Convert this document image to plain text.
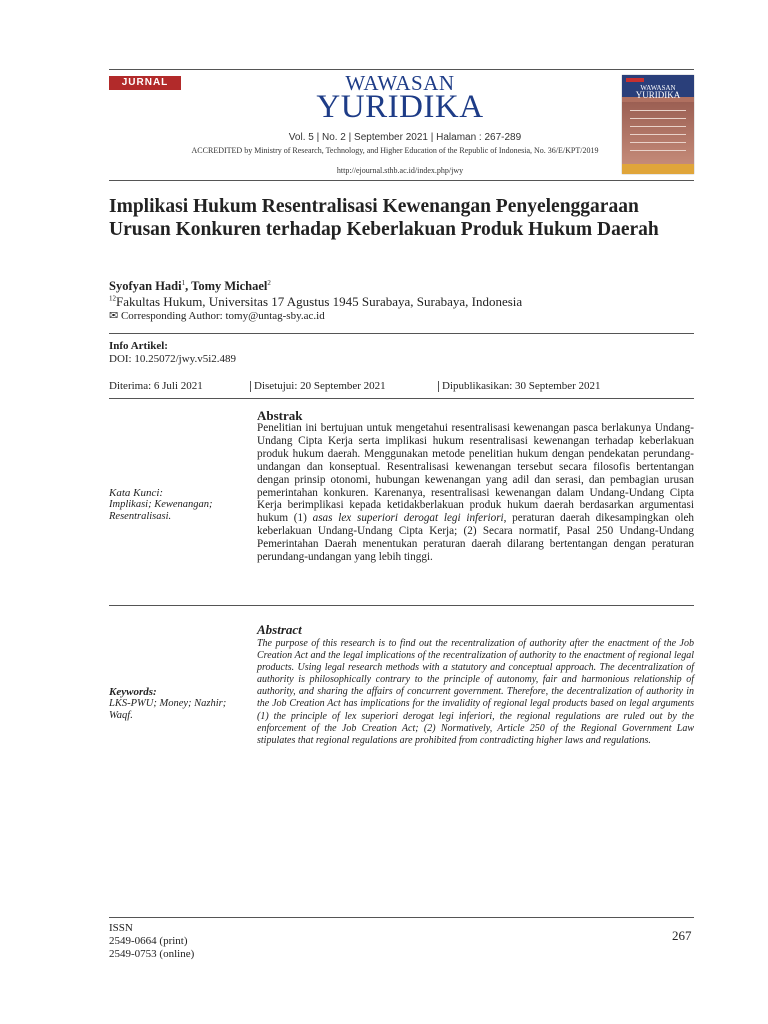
JURNAL	WAWASAN
YURIDIKA
Vol. 5 | No. 2 | September 2021 | Halaman : 267-289
ACCREDITED by Ministry of Research, Technology, and Higher Education of the Republic of Indonesia, No. 36/E/KPT/2019
http://ejournal.sthb.ac.id/index.php/jwy
WAWASAN
YURIDIKA
Implikasi Hukum Resentralisasi Kewenangan Penyelenggaraan Urusan Konkuren terhadap Keberlakuan Produk Hukum Daerah
Syofyan Hadi$^1$, Tomy Michael$^2$
$^{12}$Fakultas Hukum, Universitas 17 Agustus 1945 Surabaya, Surabaya, Indonesia
✉ Corresponding Author: tomy@untag-sby.ac.id
Info Artikel:
DOI: 10.25072/jwy.v5i2.489
Diterima: 6 Juli 2021	Disetujui: 20 September 2021	Dipublikasikan: 30 September 2021
Abstrak
Penelitian ini bertujuan untuk mengetahui resentralisasi kewenangan pasca berlakunya Undang-Undang Cipta Kerja serta implikasi hukum resentralisasi kewenangan terhadap keberlakuan produk hukum daerah. Menggunakan metode penelitian hukum dengan pendekatan perundang-undangan dan konseptual. Resentralisasi kewenangan tersebut secara filosofis bertentangan dengan prinsip otonomi, hubungan kewenangan yang adil dan serasi, dan pembagian urusan pemerintahan konkuren. Karenanya, resentralisasi kewenangan dalam Undang-Undang Cipta Kerja berimplikasi kepada ketidakberlakuan produk hukum daerah berdasarkan argumentasi hukum (1) asas lex superiori derogat legi inferiori, peraturan daerah dikesampingkan oleh keberlakuan Undang-Undang Cipta Kerja; (2) Secara normatif, Pasal 250 Undang-Undang Pemerintahan Daerah menentukan peraturan daerah dilarang bertentangan dengan peraturan perundang-undangan yang lebih tinggi.
Kata Kunci:
Implikasi; Kewenangan; Resentralisasi.
Abstract
The purpose of this research is to find out the recentralization of authority after the enactment of the Job Creation Act and the legal implications of the recentralization of authority to the enactment of regional legal products. Using legal research methods with a statutory and conceptual approach. The decentralization of authority is philosophically contrary to the principle of autonomy, fair and harmonious relationship of authority, and sharing the affairs of concurrent government. Therefore, the decentralization of authority in the Job Creation Act has implications for the invalidity of regional legal products based on legal arguments (1) the principle of lex superiori derogat legi inferiori, the regional regulations are ruled out by the enforcement of the Job Creation Act; (2) Normatively, Article 250 of the Regional Government Law stipulates that regional regulations are prohibited from contradicting higher laws and regulations.
Keywords:
LKS-PWU; Money; Nazhir; Waqf.
ISSN
2549-0664 (print)
2549-0753 (online)
267
